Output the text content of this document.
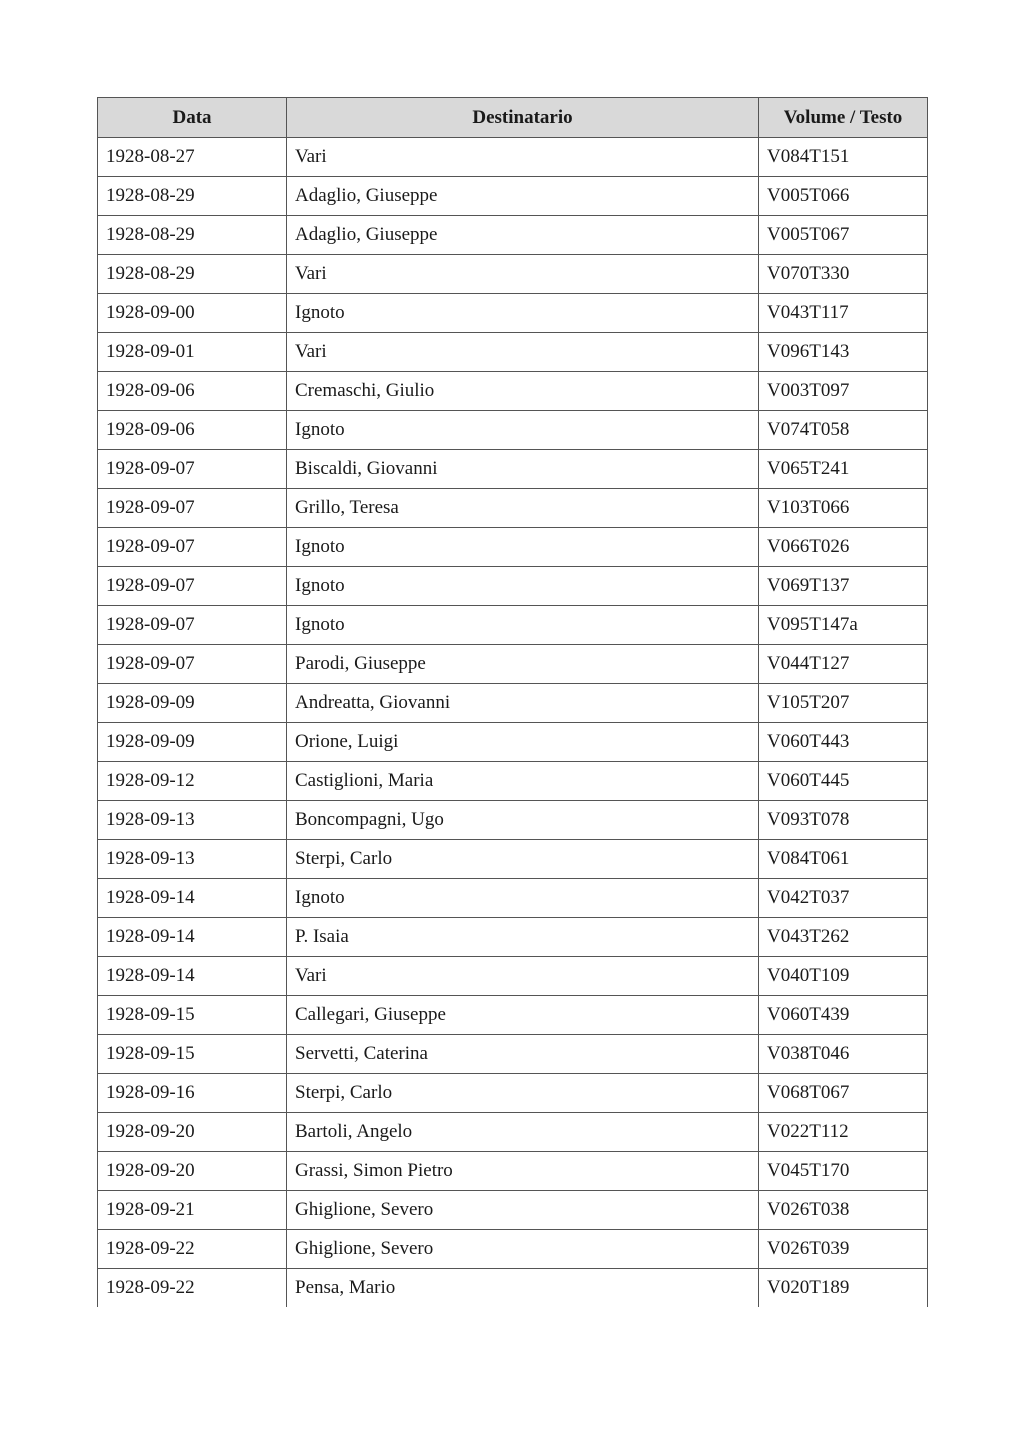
Data	Destinatario	Volume / Testo
1928-08-27	Vari	V084T151
1928-08-29	Adaglio, Giuseppe	V005T066
1928-08-29	Adaglio, Giuseppe	V005T067
1928-08-29	Vari	V070T330
1928-09-00	Ignoto	V043T117
1928-09-01	Vari	V096T143
1928-09-06	Cremaschi, Giulio	V003T097
1928-09-06	Ignoto	V074T058
1928-09-07	Biscaldi, Giovanni	V065T241
1928-09-07	Grillo, Teresa	V103T066
1928-09-07	Ignoto	V066T026
1928-09-07	Ignoto	V069T137
1928-09-07	Ignoto	V095T147a
1928-09-07	Parodi, Giuseppe	V044T127
1928-09-09	Andreatta, Giovanni	V105T207
1928-09-09	Orione, Luigi	V060T443
1928-09-12	Castiglioni, Maria	V060T445
1928-09-13	Boncompagni, Ugo	V093T078
1928-09-13	Sterpi, Carlo	V084T061
1928-09-14	Ignoto	V042T037
1928-09-14	P. Isaia	V043T262
1928-09-14	Vari	V040T109
1928-09-15	Callegari, Giuseppe	V060T439
1928-09-15	Servetti, Caterina	V038T046
1928-09-16	Sterpi, Carlo	V068T067
1928-09-20	Bartoli, Angelo	V022T112
1928-09-20	Grassi, Simon Pietro	V045T170
1928-09-21	Ghiglione, Severo	V026T038
1928-09-22	Ghiglione, Severo	V026T039
1928-09-22	Pensa, Mario	V020T189
